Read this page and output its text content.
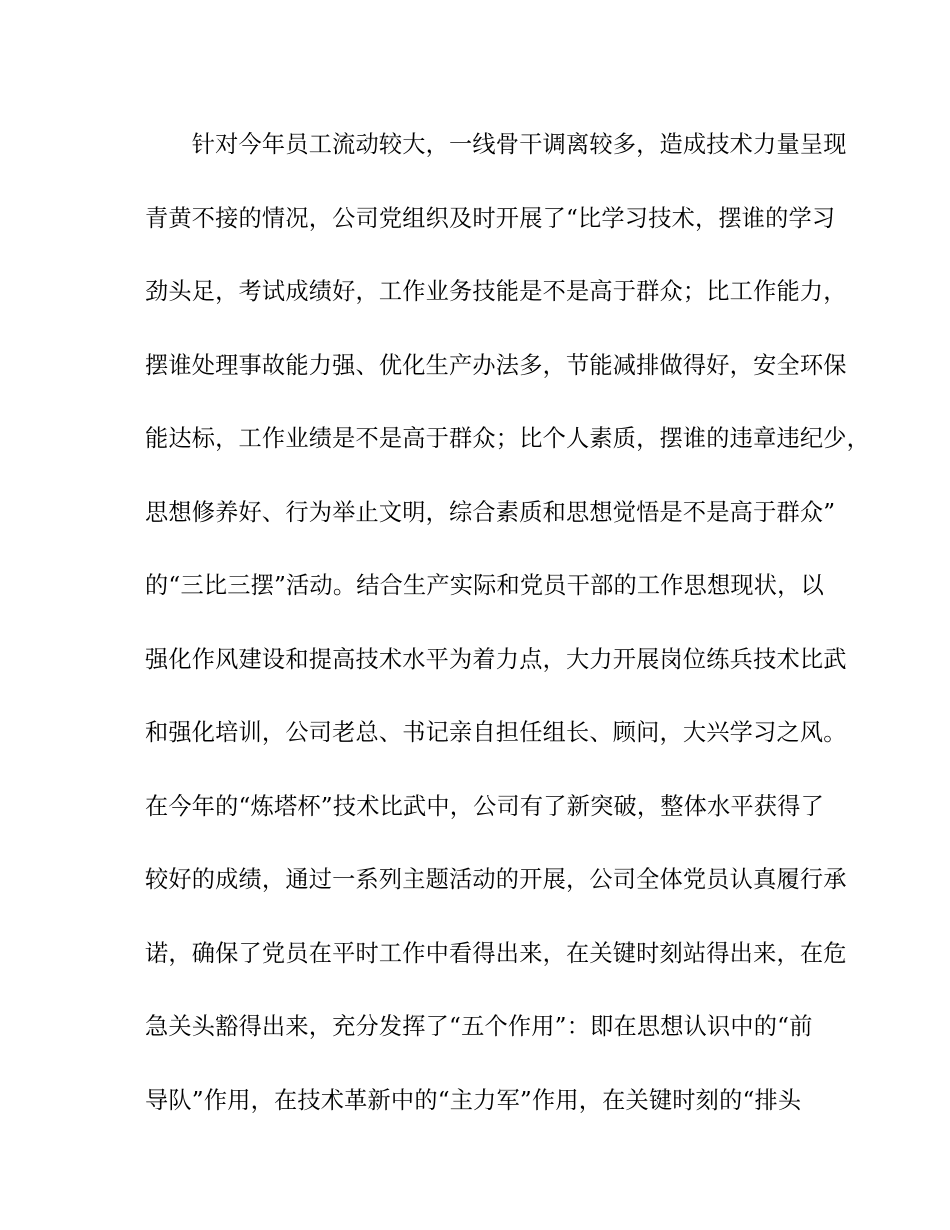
　　针对今年员工流动较大，一线骨干调离较多，造成技术力量呈现
青黄不接的情况，公司党组织及时开展了“比学习技术，摆谁的学习
劲头足，考试成绩好，工作业务技能是不是高于群众；比工作能力，
摆谁处理事故能力强、优化生产办法多，节能减排做得好，安全环保
能达标，工作业绩是不是高于群众；比个人素质，摆谁的违章违纪少，
思想修养好、行为举止文明，综合素质和思想觉悟是不是高于群众”
的“三比三摆”活动。结合生产实际和党员干部的工作思想现状，以
强化作风建设和提高技术水平为着力点，大力开展岗位练兵技术比武
和强化培训，公司老总、书记亲自担任组长、顾问，大兴学习之风。
在今年的“炼塔杯”技术比武中，公司有了新突破，整体水平获得了
较好的成绩，通过一系列主题活动的开展，公司全体党员认真履行承
诺，确保了党员在平时工作中看得出来，在关键时刻站得出来，在危
急关头豁得出来，充分发挥了“五个作用”：即在思想认识中的“前
导队”作用，在技术革新中的“主力军”作用，在关键时刻的“排头
